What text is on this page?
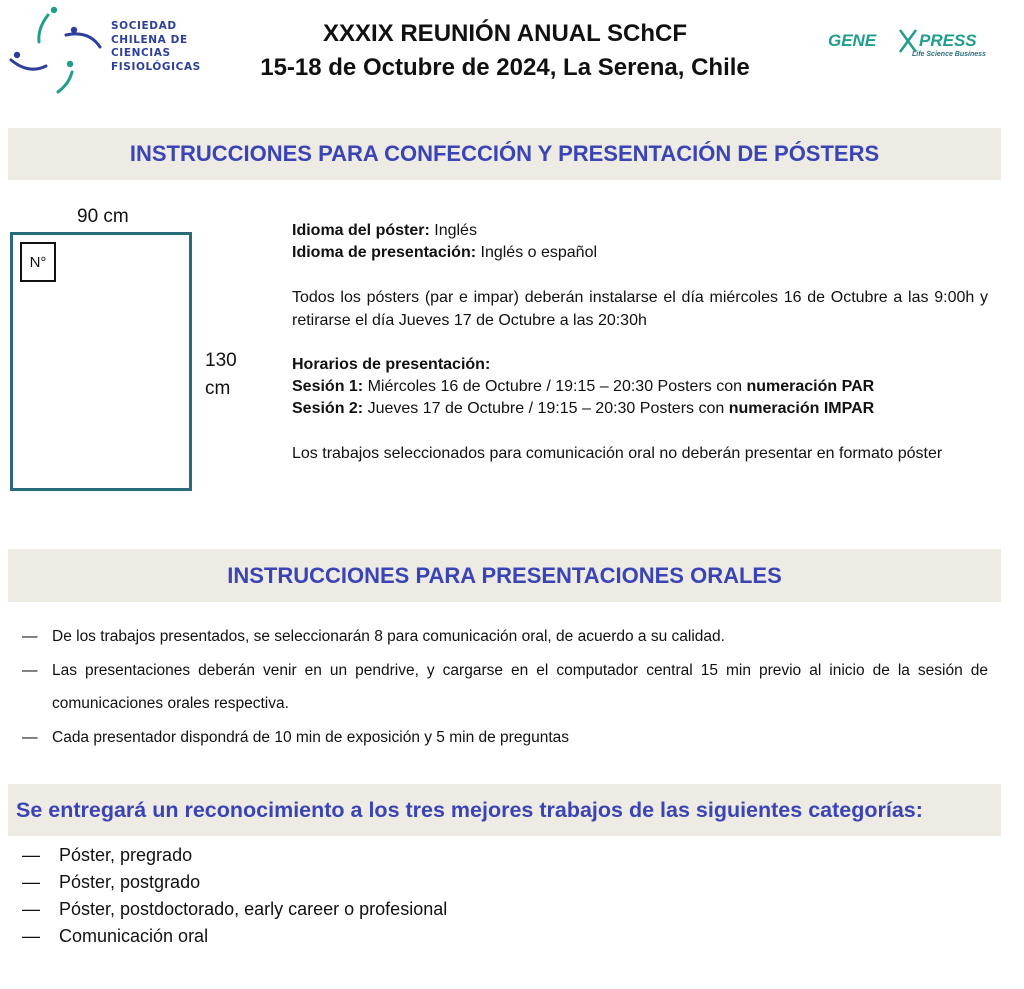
SOCIEDAD
CHILENA DE
CIENCIAS
FISIOLÓGICAS
XXXIX REUNIÓN ANUAL SChCF
15-18 de Octubre de 2024, La Serena, Chile
GENE	PRESS
Life Science Business
INSTRUCCIONES PARA CONFECCIÓN Y PRESENTACIÓN DE PÓSTERS
90 cm
N°
130
cm
Idioma del póster: Inglés
Idioma de presentación: Inglés o español
Todos los pósters (par e impar) deberán instalarse el día miércoles 16 de Octubre a las 9:00h y retirarse el día Jueves 17 de Octubre a las 20:30h
Horarios de presentación:
Sesión 1: Miércoles 16 de Octubre / 19:15 – 20:30 Posters con numeración PAR
Sesión 2: Jueves 17 de Octubre / 19:15 – 20:30 Posters con numeración IMPAR
Los trabajos seleccionados para comunicación oral no deberán presentar en formato póster
INSTRUCCIONES PARA PRESENTACIONES ORALES
— De los trabajos presentados, se seleccionarán 8 para comunicación oral, de acuerdo a su calidad.
— Las presentaciones deberán venir en un pendrive, y cargarse en el computador central 15 min previo al inicio de la sesión de comunicaciones orales respectiva.
— Cada presentador dispondrá de 10 min de exposición y 5 min de preguntas
Se entregará un reconocimiento a los tres mejores trabajos de las siguientes categorías:
— Póster, pregrado
— Póster, postgrado
— Póster, postdoctorado, early career o profesional
— Comunicación oral
